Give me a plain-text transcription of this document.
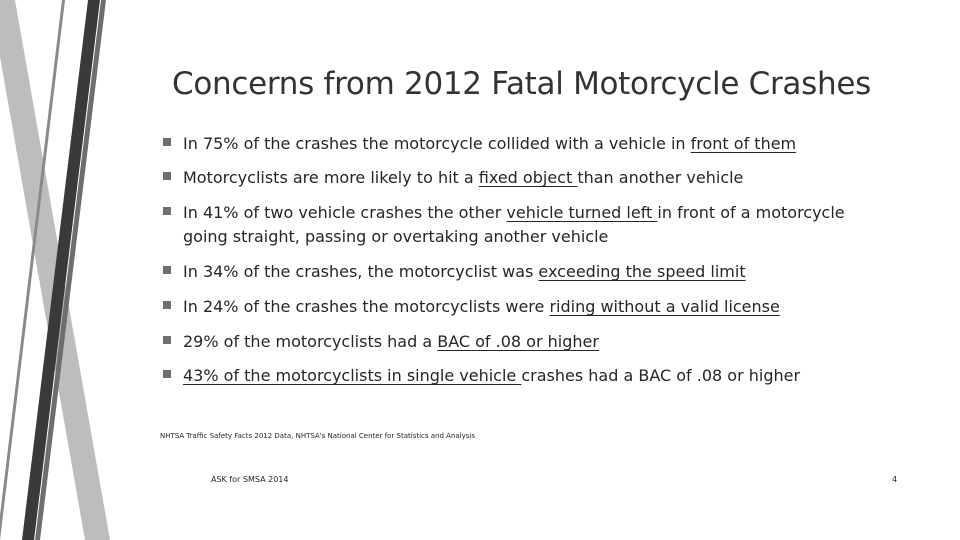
Concerns from 2012 Fatal Motorcycle Crashes
In 75% of the crashes the motorcycle collided with a vehicle in front of them
Motorcyclists are more likely to hit a fixed object than another vehicle
In 41% of two vehicle crashes the other vehicle turned left in front of a motorcycle going straight, passing or overtaking another vehicle
In 34% of the crashes, the motorcyclist was exceeding the speed limit
In 24% of the crashes the motorcyclists were riding without a valid license
29% of the motorcyclists had a BAC of .08 or higher
43% of the motorcyclists in single vehicle crashes had a BAC of .08 or higher
NHTSA Traffic Safety Facts 2012 Data, NHTSA's National Center for Statistics and Analysis
ASK for SMSA 2014	4
